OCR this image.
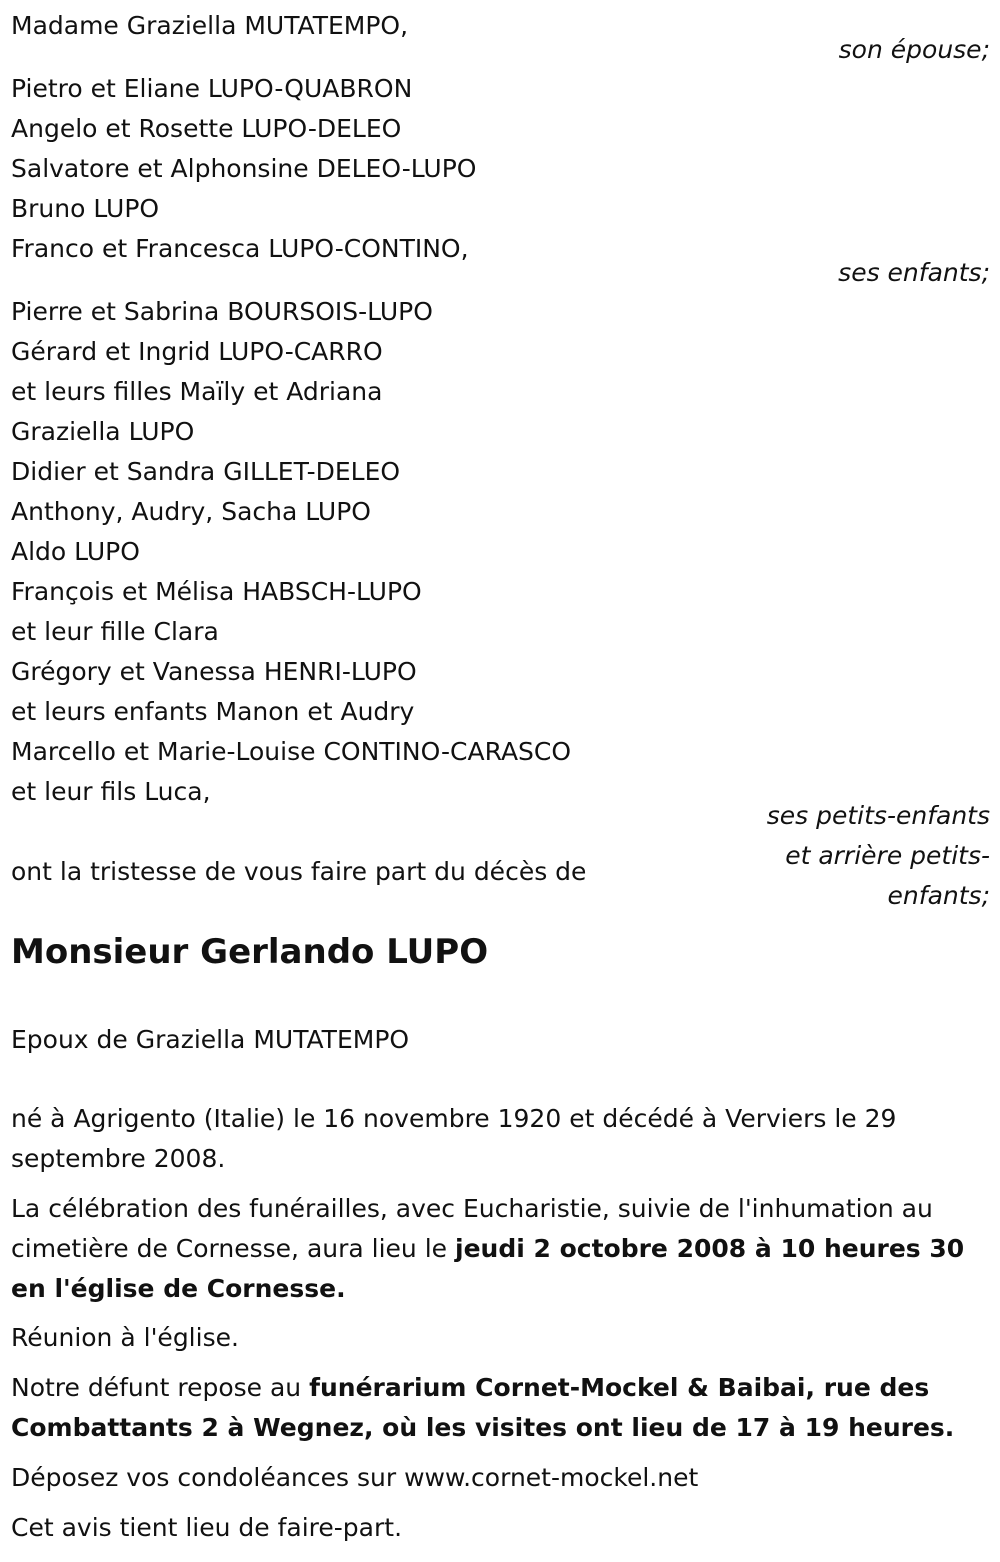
Madame Graziella MUTATEMPO,
son épouse;
Pietro et Eliane LUPO-QUABRON
Angelo et Rosette LUPO-DELEO
Salvatore et Alphonsine DELEO-LUPO
Bruno LUPO
Franco et Francesca LUPO-CONTINO,
ses enfants;
Pierre et Sabrina BOURSOIS-LUPO
Gérard et Ingrid LUPO-CARRO
et leurs filles Maïly et Adriana
Graziella LUPO
Didier et Sandra GILLET-DELEO
Anthony, Audry, Sacha LUPO
Aldo LUPO
François et Mélisa HABSCH-LUPO
et leur fille Clara
Grégory et Vanessa HENRI-LUPO
et leurs enfants Manon et Audry
Marcello et Marie-Louise CONTINO-CARASCO
et leur fils Luca,
ses petits-enfants
et arrière petits-
enfants;
ont la tristesse de vous faire part du décès de
Monsieur Gerlando LUPO
Epoux de Graziella MUTATEMPO
né à Agrigento (Italie) le 16 novembre 1920 et décédé à Verviers le 29 septembre 2008.
La célébration des funérailles, avec Eucharistie, suivie de l'inhumation au cimetière de Cornesse, aura lieu le jeudi 2 octobre 2008 à 10 heures 30 en l'église de Cornesse.
Réunion à l'église.
Notre défunt repose au funérarium Cornet-Mockel & Baibai, rue des Combattants 2 à Wegnez, où les visites ont lieu de 17 à 19 heures.
Déposez vos condoléances sur www.cornet-mockel.net
Cet avis tient lieu de faire-part.
